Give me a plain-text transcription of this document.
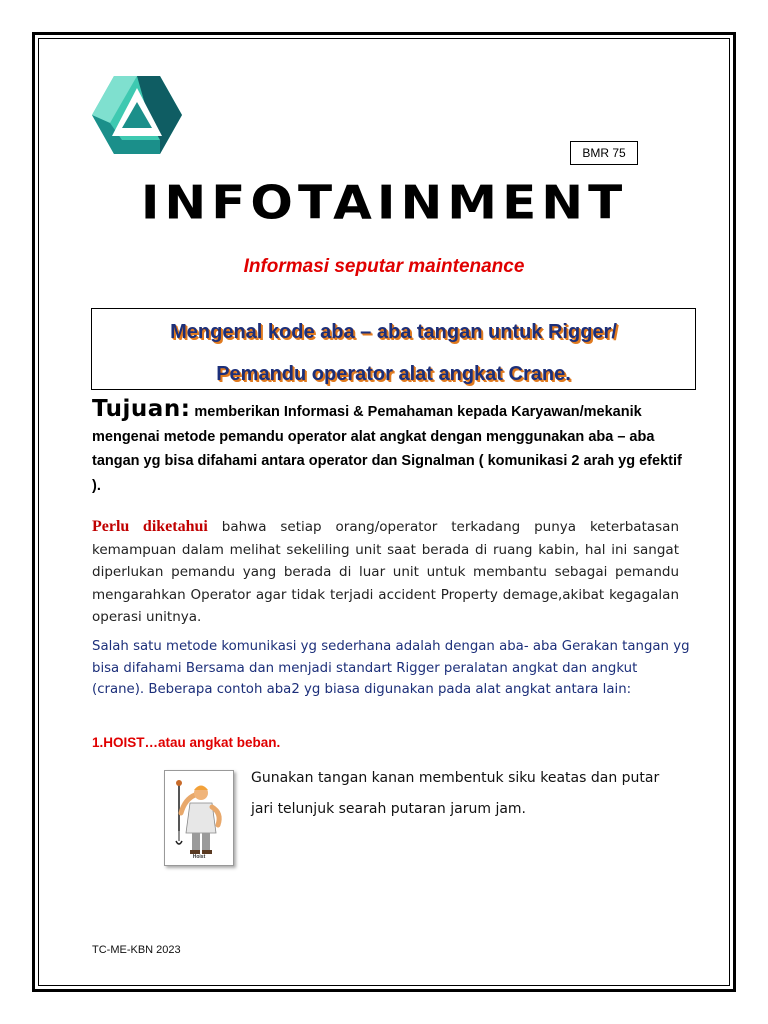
BMR 75
INFOTAINMENT
Informasi seputar maintenance
Mengenal kode aba – aba tangan untuk Rigger/
Pemandu operator alat angkat Crane.
Tujuan: memberikan Informasi & Pemahaman kepada Karyawan/mekanik mengenai metode pemandu operator alat angkat dengan menggunakan aba – aba tangan yg bisa difahami antara operator dan Signalman ( komunikasi 2 arah yg efektif ).
Perlu diketahui bahwa setiap orang/operator terkadang punya keterbatasan kemampuan dalam melihat sekeliling unit saat berada di ruang kabin, hal ini sangat diperlukan pemandu yang berada di luar unit untuk membantu sebagai pemandu mengarahkan Operator agar tidak terjadi accident Property demage,akibat kegagalan operasi unitnya.
Salah satu metode komunikasi yg sederhana adalah dengan aba- aba Gerakan tangan yg bisa difahami Bersama dan menjadi standart Rigger peralatan angkat dan angkut (crane). Beberapa contoh aba2 yg biasa digunakan pada alat angkat antara lain:
1.HOIST…atau angkat beban.
Hoist
Gunakan tangan kanan membentuk siku keatas dan putar
jari telunjuk searah putaran jarum jam.
TC-ME-KBN 2023
